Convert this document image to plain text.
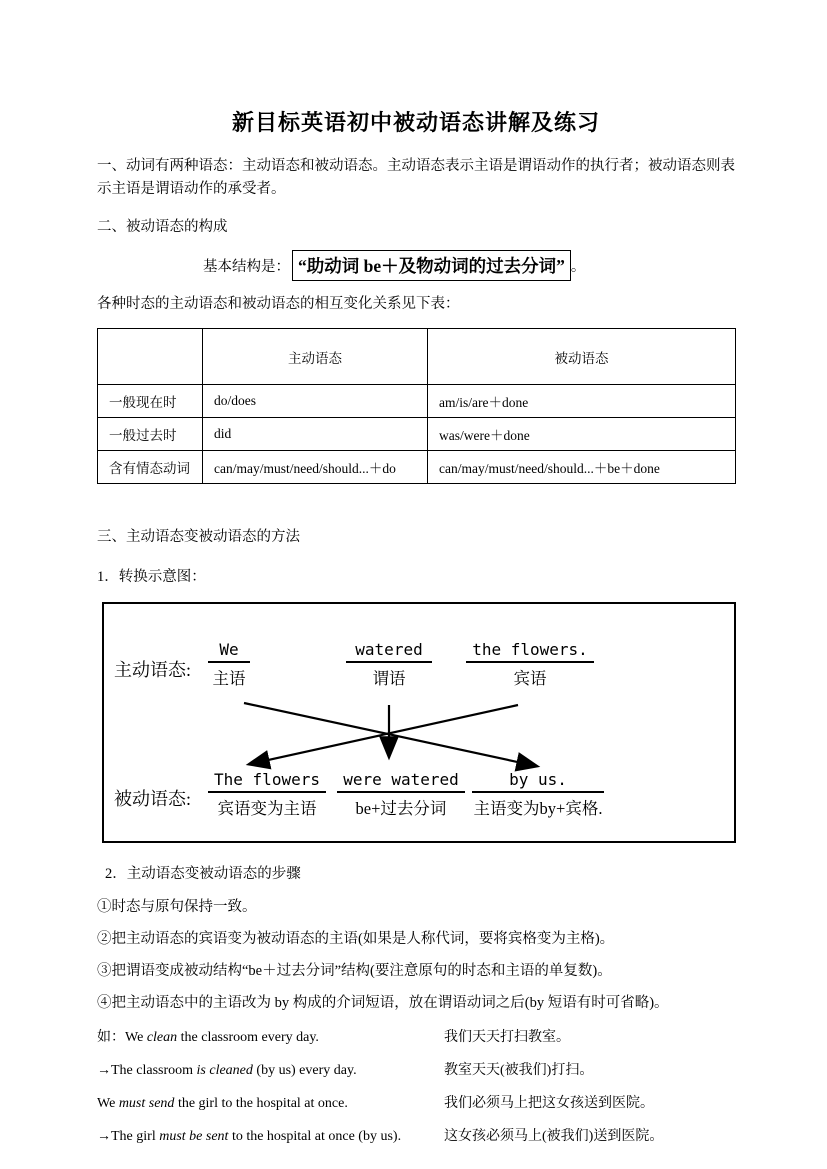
新目标英语初中被动语态讲解及练习

一、动词有两种语态：主动语态和被动语态。主动语态表示主语是谓语动作的执行者；被动语态则表示主语是谓语动作的承受者。

二、被动语态的构成

基本结构是： “助动词 be＋及物动词的过去分词” 。

各种时态的主动语态和被动语态的相互变化关系见下表：

	主动语态	被动语态
一般现在时	do/does	am/is/are＋done
一般过去时	did	was/were＋done
含有情态动词	can/may/must/need/should...＋do	can/may/must/need/should...＋be＋done

三、主动语态变被动语态的方法

1．转换示意图：

主动语态:
被动语态:
We
主语
watered
谓语
the flowers.
宾语
The flowers
宾语变为主语
were watered
be+过去分词
by us.
主语变为by+宾格.

2．主动语态变被动语态的步骤

①时态与原句保持一致。

②把主动语态的宾语变为被动语态的主语(如果是人称代词，要将宾格变为主格)。

③把谓语变成被动结构“be＋过去分词”结构(要注意原句的时态和主语的单复数)。

④把主动语态中的主语改为 by 构成的介词短语，放在谓语动词之后(by 短语有时可省略)。

如：We clean the classroom every day.	我们天天打扫教室。
→The classroom is cleaned (by us) every day.	教室天天(被我们)打扫。
We must send the girl to the hospital at once.	我们必须马上把这女孩送到医院。
→The girl must be sent to the hospital at once (by us).	这女孩必须马上(被我们)送到医院。
